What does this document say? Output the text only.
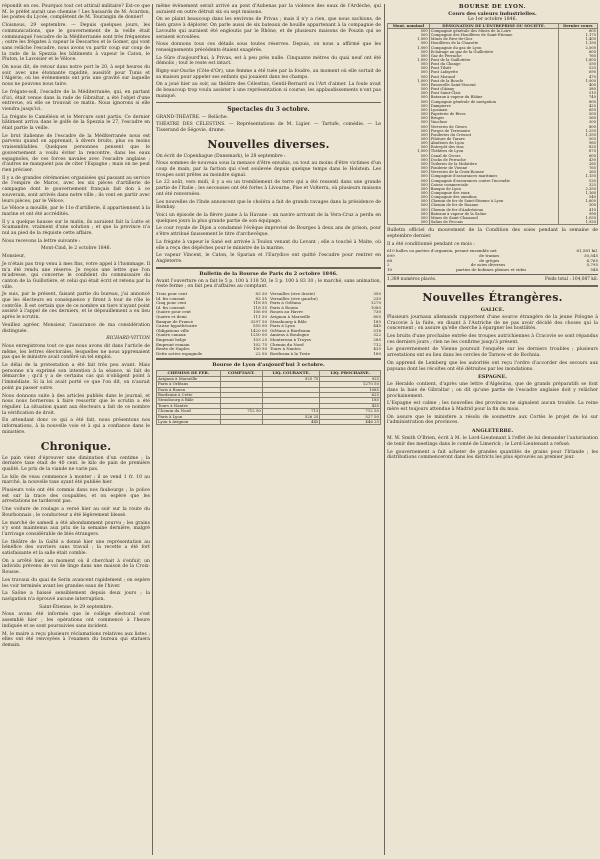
répondit en ces. Pourquoi tout cet attirail militaire? Est-ce que M. le préfet aurait une chemise ! Les hussards de M. Acardon, les postes du Lycée, complètent de M. Tourangin de donner!

Cloisnous, 29 septembre. — Depuis quelques jours, les communications, que le gouvernement de la veille était communiqué l'escadre de la Méditerranée sont très fréquentes ; outre les frégates à vapeur le Descartes et le Gomer, qui vont sans relâche l'escadre, nous avons vu partir coup sur coup de la rade de la Spezzia les bâtiments à vapeur le Caton, le Pluton, le Lavoisier et le Véloce.

On nous dit, de retour dans notre port le 20, à sept heures du soir, avec une étonnante rapidité, aussitôt pour Tunis et l'Algérie, où les évènements ont pris une gravité sur laquelle nous ne pouvons nous taire.

Le frégate-soll, l'escadre de la Méditerranée, qui, en partant d'ici, était venue dans la rade de Gibraltar, a été l'objet d'une entrevue, où elle se trouvait ce matin. Nous ignorons si elle viendra jusqu'ici.

La frégate le Caméléon et le Mercure sont partis. Ce dernier bâtiment arriva dans le golfe de la Spezzia le 27, l'escadre en était partie la veille.

Le brut italienne de l'escadre de la Méditerranée nous est parvenu quand on apprenait, à divers bruits, plus ou moins vraisemblables. Quelques personnes pensent que le gouvernement a voulu éviter la rencontre, dans les eaux espagnoles, de ces forces navales avec l'escadre anglaise ; d'autres ne manquent pas de citer l'Espagne ; mais on ne peut rien préciser.

Il y a de grandes cérémonies organisées qui passant au service de l'empire de Maroc, avec les six pièces d'artillerie de campagne dont le gouvernement français fait don à ce souverain, sont arrivés dans notre ville ; ils vont en partir avec leurs pièces, par le Véloce.

Le Véloce a mouillé, par le 11e d'artillerie, il appartiennent à la marine et ont été accrédités.

Il y a quelque hausse sur le matin, ils auraient fait la Lutte et Scamandre, vraiment d'une solution ; et que la province n'a nul au pied de la réquiste cette affaire.

Nous recevons la lettre suivante :

Mont-Cind, le 2 octobre 1846.

Monsieur,

Je n'étais pas trop venu à mes fins, votre appel à l'hommage. Il m'a été rendu une réserve. Je reçois une lettre que l'on m'adresse, qui concerne le confident du commissaire du canton de la Guillotière, et celui qui était écrit et retenu par la ville.

Je suis, par le présent, faisant partie du bureau, j'ai annoncé que les électeurs en conséquence y firent à tour de rôle le contrôle. Il est certain que de ce nombre un tiers n'ayant point assisté à l'appel de ces derniers, et le dépouillement a eu lieu après le scrutin.

Veuillez agréer, Monsieur, l'assurance de ma considération distinguée.

RICHARD-VITTON

Nous enregistrons tout ce que nous avons dit dans l'article de même, les lettres électorales, lesquelles ne nous apprenaient pas que le ministre avait conféré un tel emploi.

Le délai de la protestation a été fait très peu avant. Mais personne n'a exprimé son intention à la séance, ni fait de démarche ; qu'il y a de certains cas qui n'obligent point à l'immédiate. Si la loi avait porté ce que l'on dit, on n'aurait point pu passer outre.

Nous donnons suite à des articles publiés dans le journal, et nous nous bornerons à faire ressortir que le scrutin a été régulier. La situation quant aux électeurs a fait de ce nombre la vérification de droit.

En attendant donc ce qui a été fait, nous présentons nos informations, à la nouvelle voie et à qui a confiance dans le ministère.

Chronique.

Le pain vient d'éprouver une diminution d'un centime ; la dernière taxe était de 40 cent. le kilo de pain de première qualité. Le prix de la viande ne varie pas.

Le kilo de veau commence à monter : il se vend 1 fr. 10 au marché, la nouvelle taxe ayant été publiée hier.

Plusieurs vols ont été commis dans nos faubourgs ; la police est sur la trace des coupables, et on espère que les arrestations ne tarderont pas.

Une voiture de roulage a versé hier au soir sur la route du Bourbonnais ; le conducteur a été légèrement blessé.

Le marché de samedi a été abondamment pourvu ; les grains s'y sont maintenus aux prix de la semaine dernière, malgré l'arrivage considérable de blés étrangers.

Le théâtre de la Gaîté a donné hier une représentation au bénéfice des ouvriers sans travail ; la recette a été fort satisfaisante et la salle était comble.

On a arrêté hier, au moment où il cherchait à s'enfuir, un individu prévenu de vol de linge dans une maison de la Croix-Rousse.

Les travaux du quai de Serin avancent rapidement ; on espère les voir terminés avant les grandes eaux de l'hiver.

La Saône a baissé sensiblement depuis deux jours ; la navigation n'a éprouvé aucune interruption.

Saint-Étienne, le 29 septembre.

Nous avons été informés que le collège électoral s'est assemblé hier ; les opérations ont commencé à l'heure indiquée et se sont poursuivies sans incident.

M. le maire a reçu plusieurs réclamations relatives aux listes ; elles ont été renvoyées à l'examen du bureau qui statuera demain.

même évènement serait arrivé au pont d'Aubenas par la violence des eaux de l'Ardèche, qui auraient en outre détruit six ou sept maisons.

On se plaint beaucoup dans les environs de Privas ; mais il n'y a rien, que nous sachions, de bien grave à déplorer. On parle aussi de six bateaux de houille appartenant à la compagnie de Lavoulte qui auraient été engloutis par le Rhône, et de plusieurs maisons de Pouzin qui se seraient écroulées.

Nous donnons tous ces détails sous toutes réserves. Depuis, on nous a affirmé que les renseignements précédents étaient exagérés.

La Sûre d'aujourd'hui, à Privas, est à peu près nulle. Cinquante mètres du quai neuf ont été démolis ; tout le reste est intact.

Bigny-sur-Ouche (Côte-d'Or), une femme a été tuée par la foudre, au moment où elle sortait de sa maison pour appeler ses enfants qui jouaient dans les champs.

On a joué hier au soir, au théâtre des Célestins, Gentil-Bernard ou l'Art d'aimer. La foule avait de beaucoup trop voulu assister à une représentation si courue, les applaudissements n'ont pas manqué.

Spectacles du 3 octobre.

GRAND-THÉATRE. — Relâche.

THÉATRE DES CÉLESTINS. — Représentations de M. Ligier. — Tartufe, comédie. — Le Tisserand de Ségovie, drame.

Nouvelles diverses.

On écrit de Copenhague (Danemark), le 28 septembre :

Nous sommes de nouveau sous la menace d'être envahis, ou tout au moins d'être victimes d'un coup de main, par la faction qui s'est soulevée depuis quelque temps dans le Holstein. Les troupes sont prêtes au moindre signal.

Le 22 août, vers midi, il y a eu un tremblement de terre qui a été ressenti dans une grande partie de l'Italie ; les secousses ont été fortes à Livourne, Pise et Volterra, où plusieurs maisons ont été renversées.

Les nouvelles de l'Inde annoncent que le choléra a fait de grands ravages dans la présidence de Bombay.

Voici un épisode de la fièvre jaune à la Havane : un navire arrivant de la Vera-Cruz a perdu en quelques jours la plus grande partie de son équipage.

Le cour royale de Dijon a condamné l'évêque improvisé de Bourges à deux ans de prison, pour s'être attribué faussement le titre d'archevêque.

La frégate à vapeur le Sané est arrivée à Toulon venant du Levant ; elle a touché à Malte, où elle a reçu des dépêches pour le ministre de la marine.

Le vapeur Vincent, le Caton, le Sparian et l'Eurydice ont quitté l'escadre pour rentrer en Angleterre.

Bulletin de la Bourse de Paris du 2 octobre 1846.

Avant l'ouverture on a fait le 5 p. 100 à 118 50, le 3 p. 100 à 83 30 ; le marché, sans animation, reste ferme ; on fait peu d'affaires au comptant.

Trois pour cent	83 30
Id. fin courant	83 35
Cinq pour cent	118 50
Id. fin courant	118 55
Quatre pour cent	106 00
Quatre et demi	111 50
Banque de France	3297 50
Caisse hypothécaire	555 00
Obligations ville	1420 00
Quatre canaux	1250 00
Emprunt belge	103 25
Emprunt romain	102 75
Rente de Naples	100 50
Dette active espagnole	22 50
Versailles (rive droite)	350
Versailles (rive gauche)	230
Paris à Orléans	1270
Paris à Rouen	1085
Rouen au Havre	730
Avignon à Marseille	805
Strasbourg à Bâle	185
Paris à Lyon	445
Orléans à Bordeaux	518
Amiens à Boulogne	322
Montereau à Troyes	285
Chemin du Nord	712
Tours à Nantes	435
Bordeaux à la Teste	180
Bourse de Lyon d'aujourd'hui 3 octobre.
CHEMINS DE FER.	COMPTANT.	LIQ. COURANTE.	LIQ. PROCHAINE.
Avignon à Marseille		925 75	925
Paris à Orléans			1270 50
Paris à Rouen			1085
Bordeaux à Cette			625
Strasbourg à Bâle			185
Tours à Nantes			435
Chemin du Nord	712 50	713	712 50
Paris à Lyon		526 25	527 50
Lyon à Avignon		445	446 25
BOURSE DE LYON.
Cours des valeurs industrielles.
Le 1er octobre 1846.
Mont. nominal	DÉSIGNATION DE L'ENTREPRISE OU SOCIÉTÉ.	Dernier cours
500	Compagnie générale des Mines de la Loire	605
500	Compagnie des Houillères de Saint-Étienne	1,175
1,000	Mines de Rive-de-Gier	1,400
500	Houillères de la Chazotte	1,150
1,000	Compagnie du gaz de Lyon	2,500
500	Éclairage au gaz de la Guillotière	600
500	Gaz de Perrache	760
1,000	Pont de la Guillotière	1,800
500	Pont du Change	550
500	Pont Tilsitt	525
500	Pont Lafayette	690
500	Pont Morand	470
1,000	Pont de la Boucle	1,000
500	Passerelle Saint-Vincent	400
500	Pont d'Ainay	380
500	Pont Saint-Clair	510
500	Bateaux à vapeur du Rhône	740
500	Compagnie générale de navigation	800
500	Dampierre	425
500	Lyonnais	650
500	Papeterie de Rives	500
500	Bruges	360
500	Vaucluse	300
500	Verreries de Givors	800
500	Forges de Terrenoire	1,250
500	Fonderies du Creusot	1,350
500	Filature de Tarare	505
500	Abattoirs de Lyon	985
500	Entrepôt des vins	820
1,000	Théâtres de Lyon	870
500	Canal de Givors	600
500	Docks de Perrache	430
500	Tuileries de la Mulatière	285
500	Fonderie de Vienne	765
500	Verreries de la Croix-Rousse	265
500	Compagnie d'assurances maritimes	1,150
500	Compagnie d'assurances contre l'incendie	520
500	Caisse commerciale	325
500	Banque de Lyon	2,350
500	Compagnie des eaux	1,160
500	Compagnie des omnibus	540
500	Chemin de fer de Saint-Étienne à Lyon	1,600
500	Chemin de fer de Roanne	300
500	Chemin de fer d'Andrézieux	410
500	Bateaux à vapeur de la Saône	990
500	Mines de Saint-Chamond	1,050
500	Salins de Peccais	1,920

Bulletin officiel du mouvement de la Condition des soies pendant la semaine de septembre dernier.

Il a été conditionné pendant ce mois :

610 balles ou parties d'organsin, pesant ensemble net	61,581 kil.
699	de trames	30,545
68	de grèges	4,765
2	de soies diverses	5,795
10	parties de bobines pleines et vides	548
1,389 numéros placés.	Poids total : 104,087 kil.
Nouvelles Étrangères.
GALICE.

Plusieurs journaux allemands rapportent d'une source étrangère de la jeune Pologne à Cracovie à la fuite, en disant à l'Autriche de ne pas avoir décidé des choses qui la concernent ; on assure qu'elle cherche à épargner les hostilités.

Les bruits d'une prochaine entrée des troupes autrichiennes à Cracovie se sont répandus ces derniers jours ; rien ne les confirme jusqu'à présent.

Le gouvernement de Vienne poursuit l'enquête sur les derniers troubles ; plusieurs arrestations ont eu lieu dans les cercles de Tarnow et de Bochnia.

On apprend de Lemberg que les autorités ont reçu l'ordre d'accorder des secours aux paysans dont les récoltes ont été détruites par les inondations.

ESPAGNE.

Le Heraldo contient, d'après une lettre d'Algésiras, que de grands préparatifs se font dans la baie de Gibraltar ; on dit qu'une partie de l'escadre anglaise doit y relâcher prochainement.

L'Espagne est calme ; les nouvelles des provinces ne signalent aucun trouble. La reine mère est toujours attendue à Madrid pour la fin du mois.

On assure que le ministère a résolu de soumettre aux Cortès le projet de loi sur l'administration des provinces.

ANGLETERRE.

M. W. Smith O'Brien, écrit à M. le Lord-Lieutenant à l'effet de lui demander l'autorisation de tenir des meetings dans le comté de Limerick ; le Lord-Lieutenant a refusé.

Le gouvernement a fait acheter de grandes quantités de grains pour l'Irlande ; les distributions commenceront dans les districts les plus éprouvés au premier jour.
